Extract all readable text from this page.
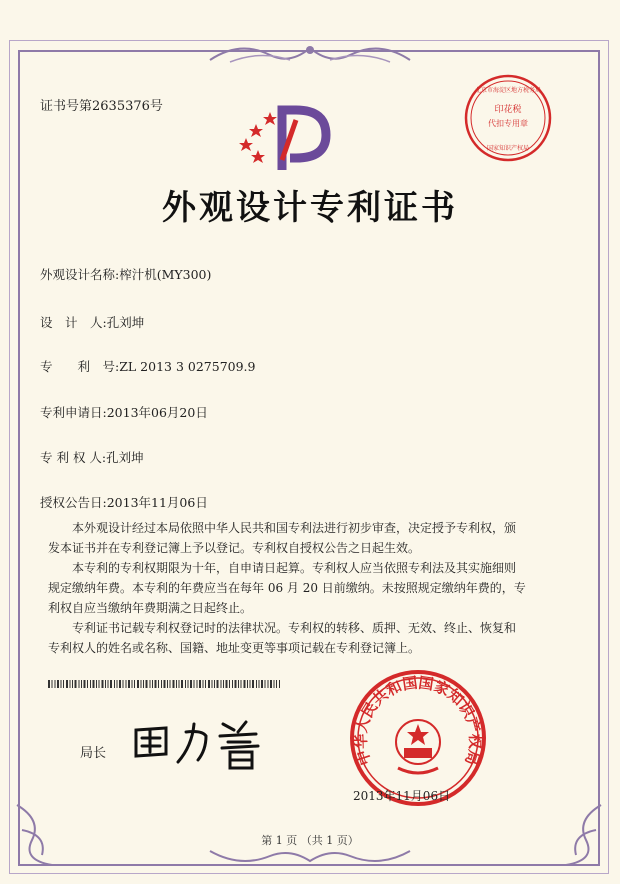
证书号第2635376号	印花税
代扣专用章
北京市海淀区地方税务局
国家知识产权局
外观设计专利证书
外观设计名称:榨汁机(MY300)
设　计　人:孔刘坤
专　　利　号:ZL 2013 3 0275709.9
专利申请日:2013年06月20日
专 利 权 人:孔刘坤
授权公告日:2013年11月06日

　　本外观设计经过本局依照中华人民共和国专利法进行初步审查，决定授予专利权，颁

发本证书并在专利登记簿上予以登记。专利权自授权公告之日起生效。

　　本专利的专利权期限为十年，自申请日起算。专利权人应当依照专利法及其实施细则

规定缴纳年费。本专利的年费应当在每年 06 月 20 日前缴纳。未按照规定缴纳年费的，专

利权自应当缴纳年费期满之日起终止。

　　专利证书记载专利权登记时的法律状况。专利权的转移、质押、无效、终止、恢复和

专利权人的姓名或名称、国籍、地址变更等事项记载在专利登记簿上。

局长	中华人民共和国国家知识产权局
2013年11月06日
第 1 页 （共 1 页）
